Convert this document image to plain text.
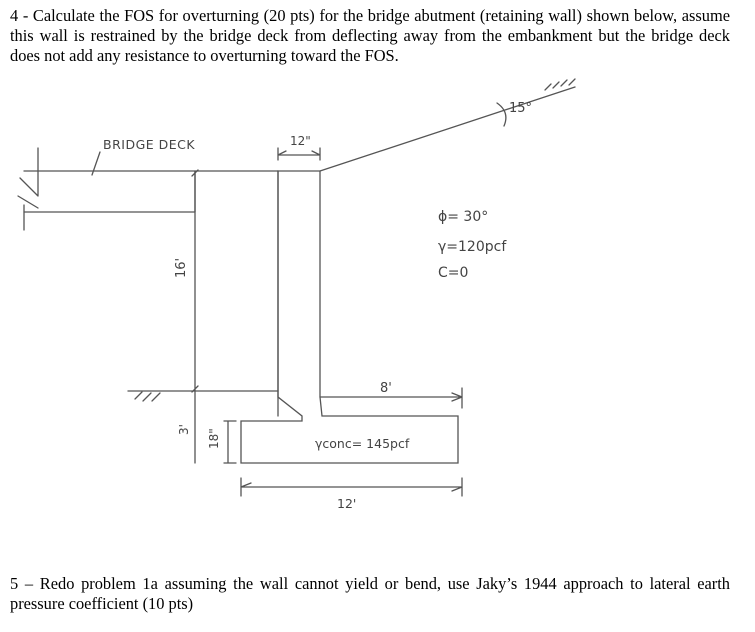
4 - Calculate the FOS for overturning (20 pts) for the bridge abutment (retaining wall) shown below, assume this wall is restrained by the bridge deck from deflecting away from the embankment but the bridge deck does not add any resistance to overturning toward the FOS.

BRIDGE DECK	12"
15°
16'
3' 18"
8'
ϕ= 30°
γ=120pcf
C=0
γconc= 145pcf
12'

5 – Redo problem 1a assuming the wall cannot yield or bend, use Jaky’s 1944 approach to lateral earth pressure coefficient (10 pts)
